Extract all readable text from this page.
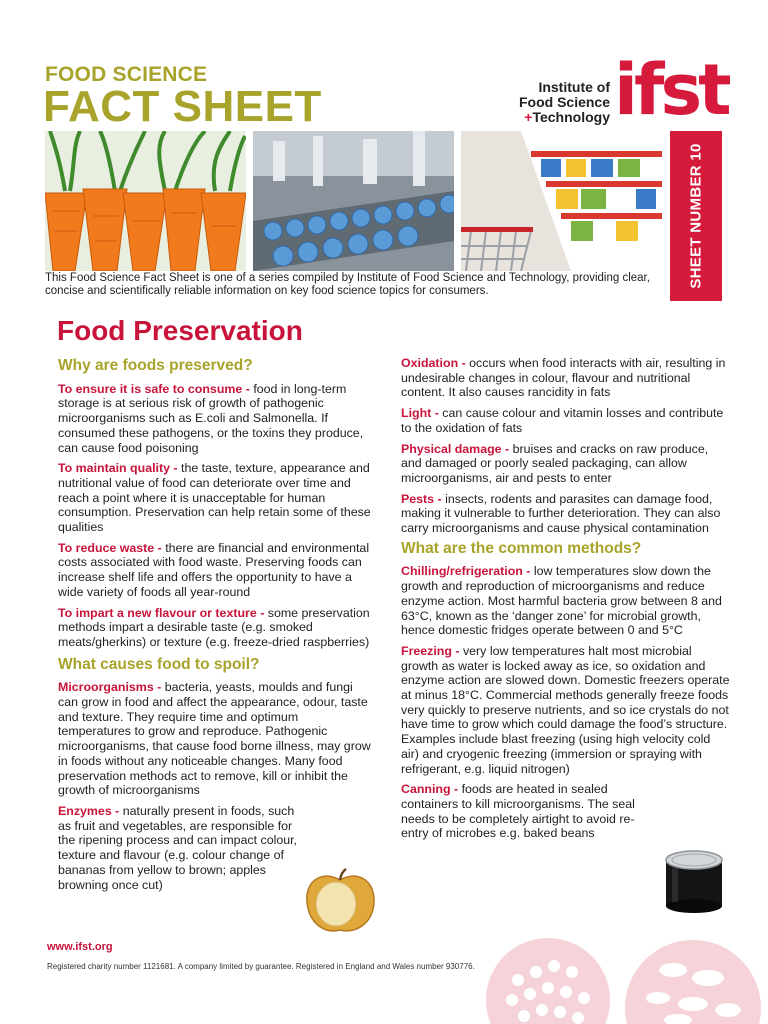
FOOD SCIENCE
FACT SHEET	Institute of
Food Science
+Technology ifst
SHEET NUMBER 10
This Food Science Fact Sheet is one of a series compiled by Institute of Food Science and Technology, providing clear, concise and scientifically reliable information on key food science topics for consumers.
Food Preservation
Why are foods preserved?
To ensure it is safe to consume - food in long-term storage is at serious risk of growth of pathogenic microorganisms such as E.coli and Salmonella. If consumed these pathogens, or the toxins they produce, can cause food poisoning
To maintain quality - the taste, texture, appearance and nutritional value of food can deteriorate over time and reach a point where it is unacceptable for human consumption. Preservation can help retain some of these qualities
To reduce waste - there are financial and environmental costs associated with food waste. Preserving foods can increase shelf life and offers the opportunity to have a wide variety of foods all year-round
To impart a new flavour or texture - some preservation methods impart a desirable taste (e.g. smoked meats/gherkins) or texture (e.g. freeze-dried raspberries)
What causes food to spoil?
Microorganisms - bacteria, yeasts, moulds and fungi can grow in food and affect the appearance, odour, taste and texture. They require time and optimum temperatures to grow and reproduce. Pathogenic microorganisms, that cause food borne illness, may grow in foods without any noticeable changes. Many food preservation methods act to remove, kill or inhibit the growth of microorganisms
Enzymes - naturally present in foods, such as fruit and vegetables, are responsible for the ripening process and can impact colour, texture and flavour (e.g. colour change of bananas from yellow to brown; apples browning once cut)
Oxidation - occurs when food interacts with air, resulting in undesirable changes in colour, flavour and nutritional content. It also causes rancidity in fats
Light - can cause colour and vitamin losses and contribute to the oxidation of fats
Physical damage - bruises and cracks on raw produce, and damaged or poorly sealed packaging, can allow microorganisms, air and pests to enter
Pests - insects, rodents and parasites can damage food, making it vulnerable to further deterioration. They can also carry microorganisms and cause physical contamination
What are the common methods?
Chilling/refrigeration - low temperatures slow down the growth and reproduction of microorganisms and reduce enzyme action. Most harmful bacteria grow between 8 and 63°C, known as the ‘danger zone’ for microbial growth, hence domestic fridges operate between 0 and 5°C
Freezing - very low temperatures halt most microbial growth as water is locked away as ice, so oxidation and enzyme action are slowed down. Domestic freezers operate at minus 18°C. Commercial methods generally freeze foods very quickly to preserve nutrients, and so ice crystals do not have time to grow which could damage the food’s structure. Examples include blast freezing (using high velocity cold air) and cryogenic freezing (immersion or spraying with refrigerant, e.g. liquid nitrogen)
Canning - foods are heated in sealed containers to kill microorganisms. The seal needs to be completely airtight to avoid re-entry of microbes e.g. baked beans
www.ifst.org
Registered charity number 1121681. A company limited by guarantee. Registered in England and Wales number 930776.
